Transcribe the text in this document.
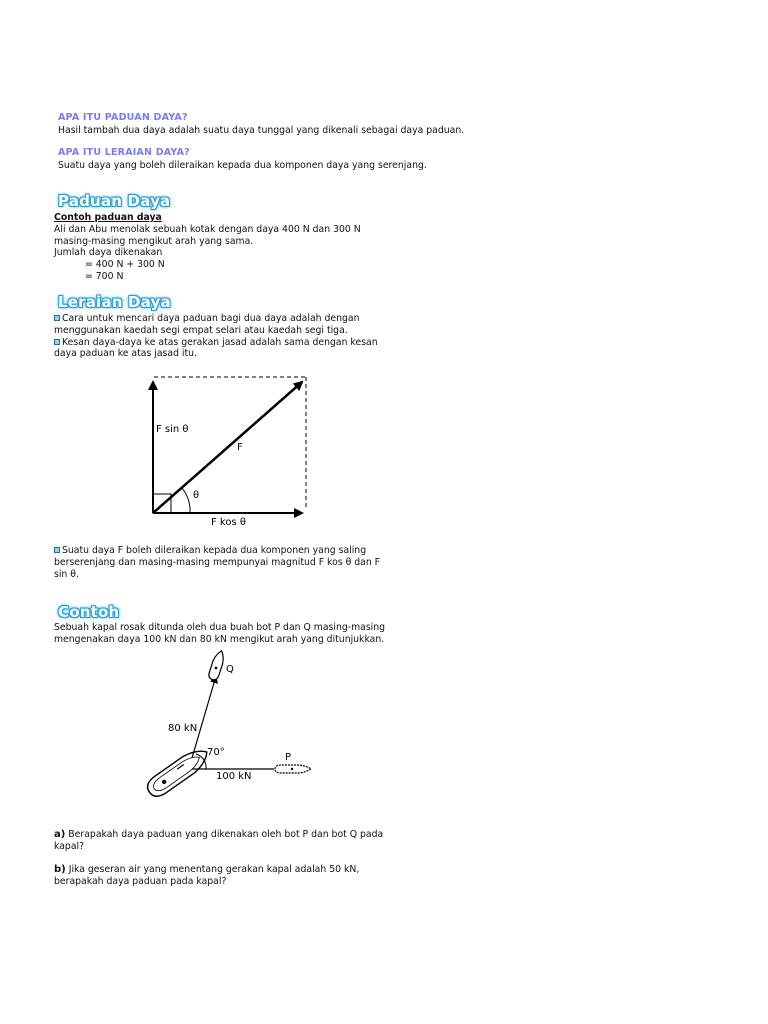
APA ITU PADUAN DAYA?
Hasil tambah dua daya adalah suatu daya tunggal yang dikenali sebagai daya paduan.
APA ITU LERAIAN DAYA?
Suatu daya yang boleh dileraikan kepada dua komponen daya yang serenjang.
Paduan Daya

Contoh paduan daya

Ali dan Abu menolak sebuah kotak dengan daya 400 N dan 300 N

masing-masing mengikut arah yang sama.

Jumlah daya dikenakan

= 400 N + 300 N

= 700 N

Leraian Daya

Cara untuk mencari daya paduan bagi dua daya adalah dengan

menggunakan kaedah segi empat selari atau kaedah segi tiga.

Kesan daya-daya ke atas gerakan jasad adalah sama dengan kesan

daya paduan ke atas jasad itu.

F sin θ
F
θ
F kos θ

Suatu daya F boleh dileraikan kepada dua komponen yang saling

berserenjang dan masing-masing mempunyai magnitud F kos θ dan F

sin θ.

Contoh

Sebuah kapal rosak ditunda oleh dua buah bot P dan Q masing-masing

mengenakan daya 100 kN dan 80 kN mengikut arah yang ditunjukkan.

Q
P
80 kN
100 kN
70°

a) Berapakah daya paduan yang dikenakan oleh bot P dan bot Q pada

kapal?

b) Jika geseran air yang menentang gerakan kapal adalah 50 kN,

berapakah daya paduan pada kapal?
